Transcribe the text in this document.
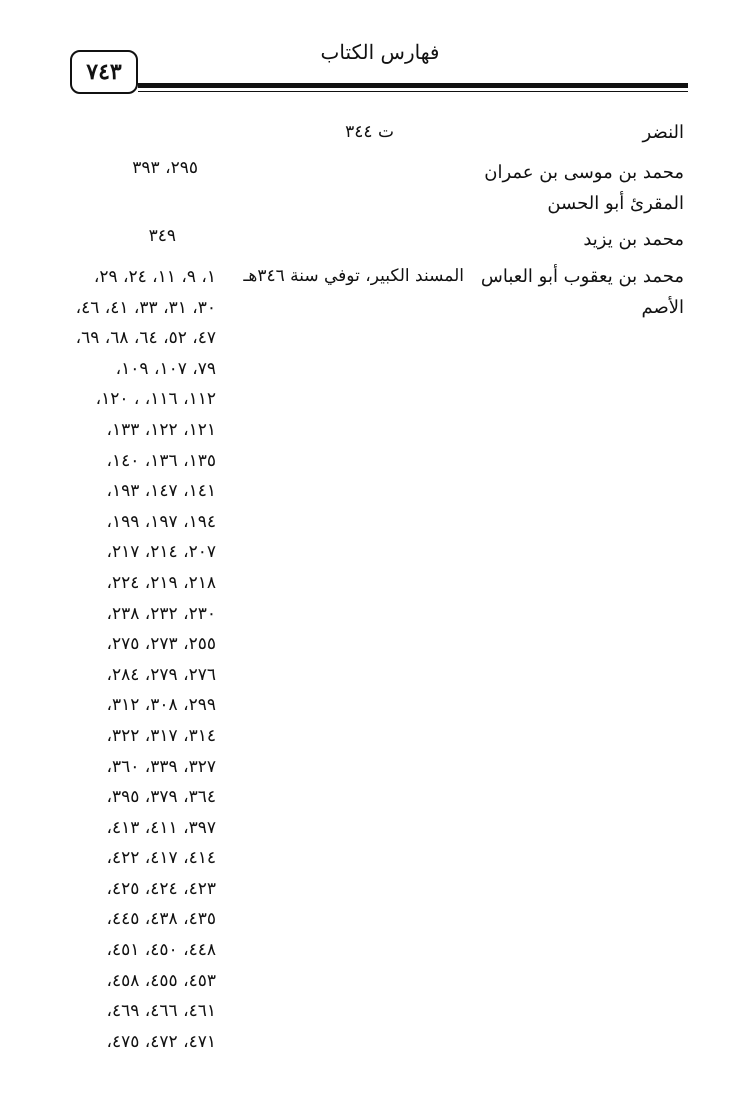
فهارس الكتاب
٧٤٣
النضر
ت ٣٤٤
محمد بن موسى بن عمران
المقرئ أبو الحسن
٢٩٥، ٣٩٣
محمد بن يزيد
٣٤٩
محمد بن يعقوب أبو العباس
الأصم
المسند الكبير، توفي سنة ٣٤٦هـ
١، ٩، ١١، ٢٤، ٢٩،
٣٠، ٣١، ٣٣، ٤١، ٤٦،
٤٧، ٥٢، ٦٤، ٦٨، ٦٩،
٧٩، ١٠٧، ١٠٩،
١١٢، ١١٦، ، ١٢٠،
١٢١، ١٢٢، ١٣٣،
١٣٥، ١٣٦، ١٤٠،
١٤١، ١٤٧، ١٩٣،
١٩٤، ١٩٧، ١٩٩،
٢٠٧، ٢١٤، ٢١٧،
٢١٨، ٢١٩، ٢٢٤،
٢٣٠، ٢٣٢، ٢٣٨،
٢٥٥، ٢٧٣، ٢٧٥،
٢٧٦، ٢٧٩، ٢٨٤،
٢٩٩، ٣٠٨، ٣١٢،
٣١٤، ٣١٧، ٣٢٢،
٣٢٧، ٣٣٩، ٣٦٠،
٣٦٤، ٣٧٩، ٣٩٥،
٣٩٧، ٤١١، ٤١٣،
٤١٤، ٤١٧، ٤٢٢،
٤٢٣، ٤٢٤، ٤٢٥،
٤٣٥، ٤٣٨، ٤٤٥،
٤٤٨، ٤٥٠، ٤٥١،
٤٥٣، ٤٥٥، ٤٥٨،
٤٦١، ٤٦٦، ٤٦٩،
٤٧١، ٤٧٢، ٤٧٥،
